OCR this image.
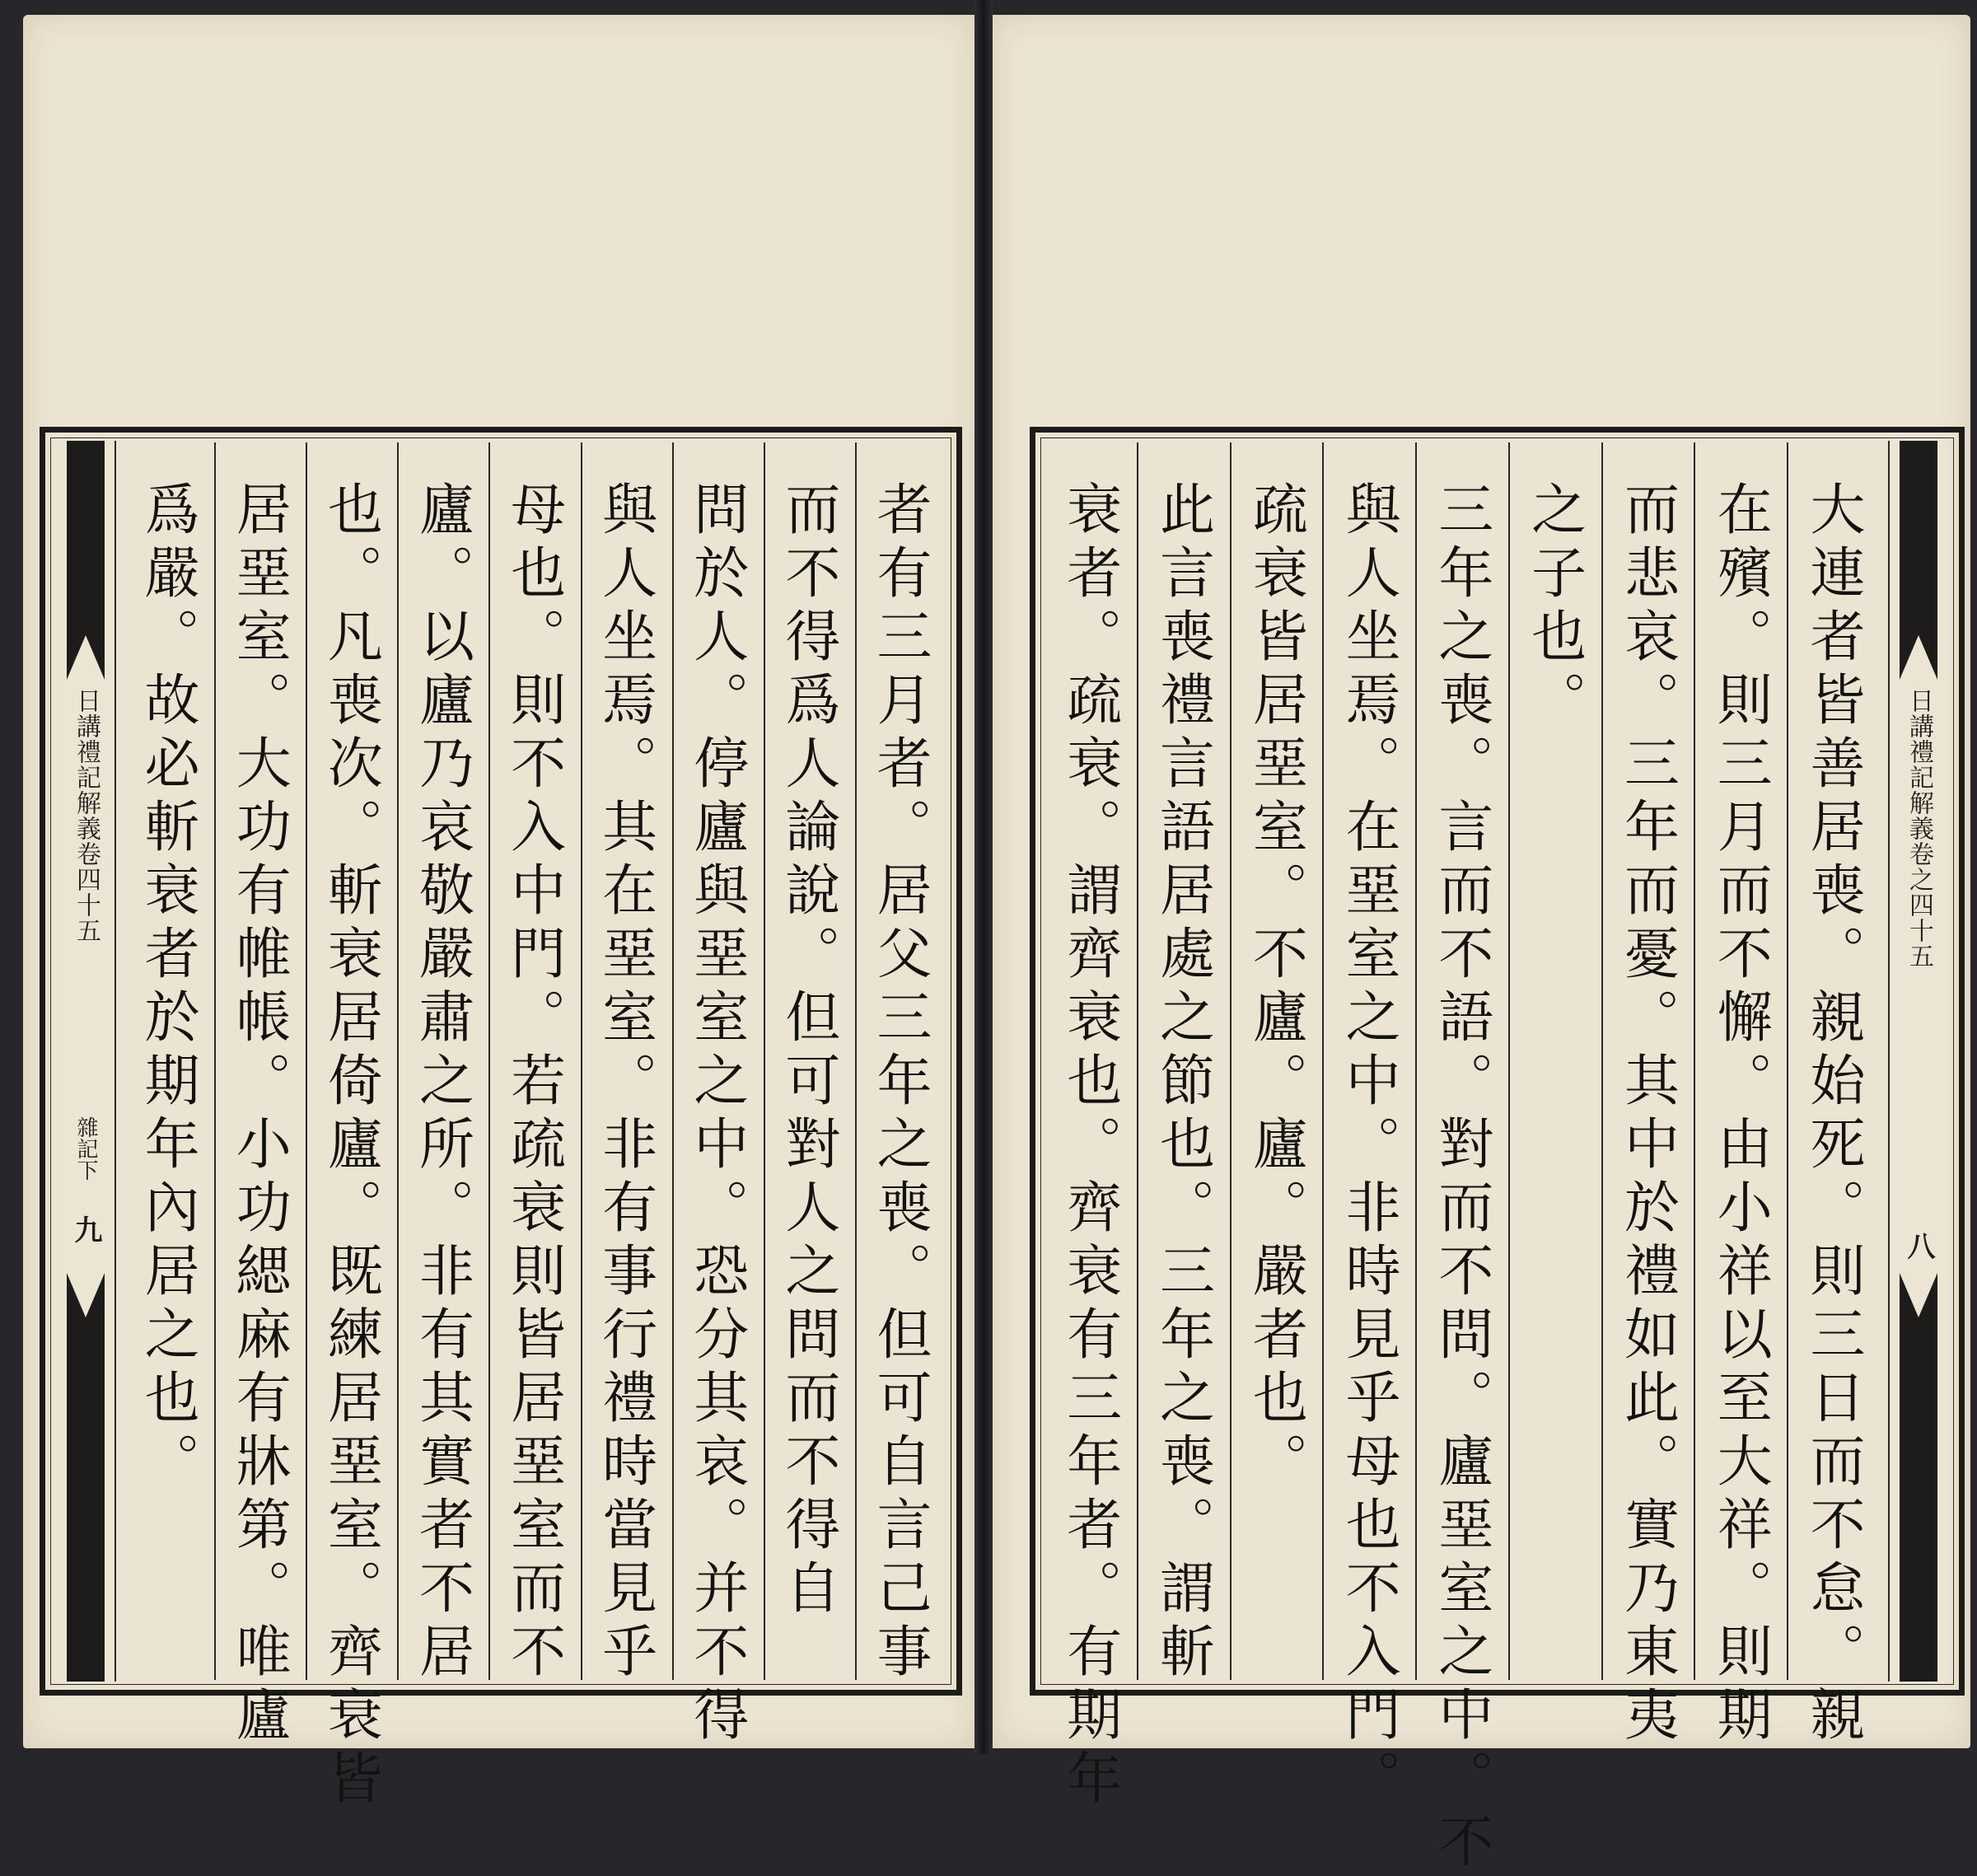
日講禮記解義卷四十五
雜記下
九	者有三月者。居父三年之喪。但可自言己事
而不得爲人論說。但可對人之問而不得自
問於人。停廬與堊室之中。恐分其哀。并不得
與人坐焉。其在堊室。非有事行禮時當見乎
母也。則不入中門。若疏衰則皆居堊室而不
廬。以廬乃哀敬嚴肅之所。非有其實者不居
也。凡喪次。斬衰居倚廬。既練居堊室。齊衰皆
居堊室。大功有帷帳。小功緦麻有牀第。唯廬
爲嚴。故必斬衰者於期年內居之也。	日講禮記解義卷之四十五
八
大連者皆善居喪。親始死。則三日而不怠。親
在殯。則三月而不懈。由小祥以至大祥。則期
而悲哀。三年而憂。其中於禮如此。實乃東夷
之子也。
三年之喪。言而不語。對而不問。廬堊室之中。不
與人坐焉。在堊室之中。非時見乎母也不入門。
疏衰皆居堊室。不廬。廬。嚴者也。
此言喪禮言語居處之節也。三年之喪。謂斬
衰者。疏衰。謂齊衰也。齊衰有三年者。有期年
